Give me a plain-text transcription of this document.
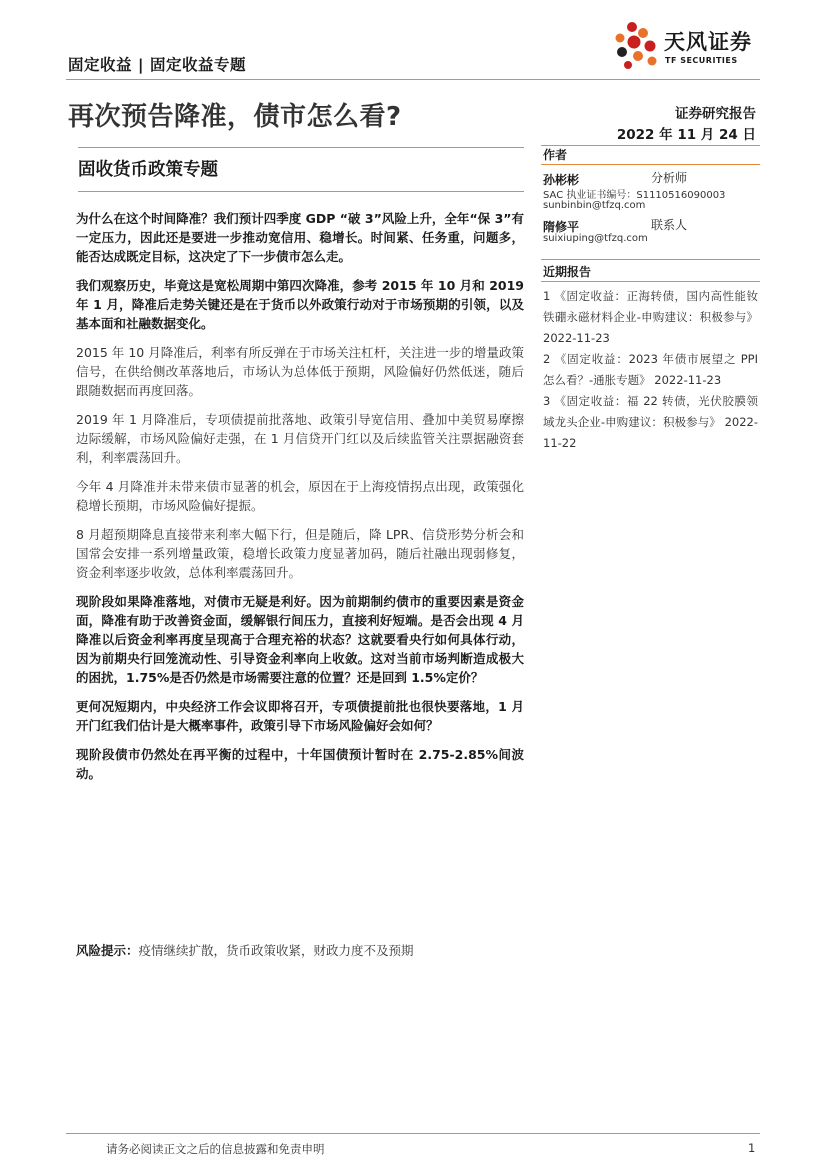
固定收益 | 固定收益专题
天风证券
TF SECURITIES
再次预告降准，债市怎么看?	证券研究报告
2022 年 11 月 24 日
固收货币政策专题
作者
孙彬彬	分析师
SAC 执业证书编号：S1110516090003
sunbinbin@tfzq.com
隋修平	联系人
suixiuping@tfzq.com
近期报告

1 《固定收益：正海转债，国内高性能钕铁硼永磁材料企业-申购建议：积极参与》 2022-11-23

2 《固定收益：2023 年债市展望之 PPI 怎么看？-通胀专题》 2022-11-23

3 《固定收益：福 22 转债，光伏胶膜领域龙头企业-申购建议：积极参与》 2022-11-22

为什么在这个时间降准？我们预计四季度 GDP “破 3”风险上升，全年“保 3”有一定压力，因此还是要进一步推动宽信用、稳增长。时间紧、任务重，问题多，能否达成既定目标，这决定了下一步债市怎么走。

我们观察历史，毕竟这是宽松周期中第四次降准，参考 2015 年 10 月和 2019 年 1 月，降准后走势关键还是在于货币以外政策行动对于市场预期的引领，以及基本面和社融数据变化。

2015 年 10 月降准后，利率有所反弹在于市场关注杠杆，关注进一步的增量政策信号，在供给侧改革落地后，市场认为总体低于预期，风险偏好仍然低迷，随后跟随数据而再度回落。

2019 年 1 月降准后，专项债提前批落地、政策引导宽信用、叠加中美贸易摩擦边际缓解，市场风险偏好走强，在 1 月信贷开门红以及后续监管关注票据融资套利，利率震荡回升。

今年 4 月降准并未带来债市显著的机会，原因在于上海疫情拐点出现，政策强化稳增长预期，市场风险偏好提振。

8 月超预期降息直接带来利率大幅下行，但是随后，降 LPR、信贷形势分析会和国常会安排一系列增量政策，稳增长政策力度显著加码，随后社融出现弱修复，资金利率逐步收敛，总体利率震荡回升。

现阶段如果降准落地，对债市无疑是利好。因为前期制约债市的重要因素是资金面，降准有助于改善资金面，缓解银行间压力，直接利好短端。是否会出现 4 月降准以后资金利率再度呈现高于合理充裕的状态？这就要看央行如何具体行动，因为前期央行回笼流动性、引导资金利率向上收敛。这对当前市场判断造成极大的困扰，1.75%是否仍然是市场需要注意的位置？还是回到 1.5%定价？

更何况短期内，中央经济工作会议即将召开，专项债提前批也很快要落地，1 月开门红我们估计是大概率事件，政策引导下市场风险偏好会如何？

现阶段债市仍然处在再平衡的过程中，十年国债预计暂时在 2.75-2.85%间波动。

风险提示：疫情继续扩散，货币政策收紧，财政力度不及预期
请务必阅读正文之后的信息披露和免责申明	1
